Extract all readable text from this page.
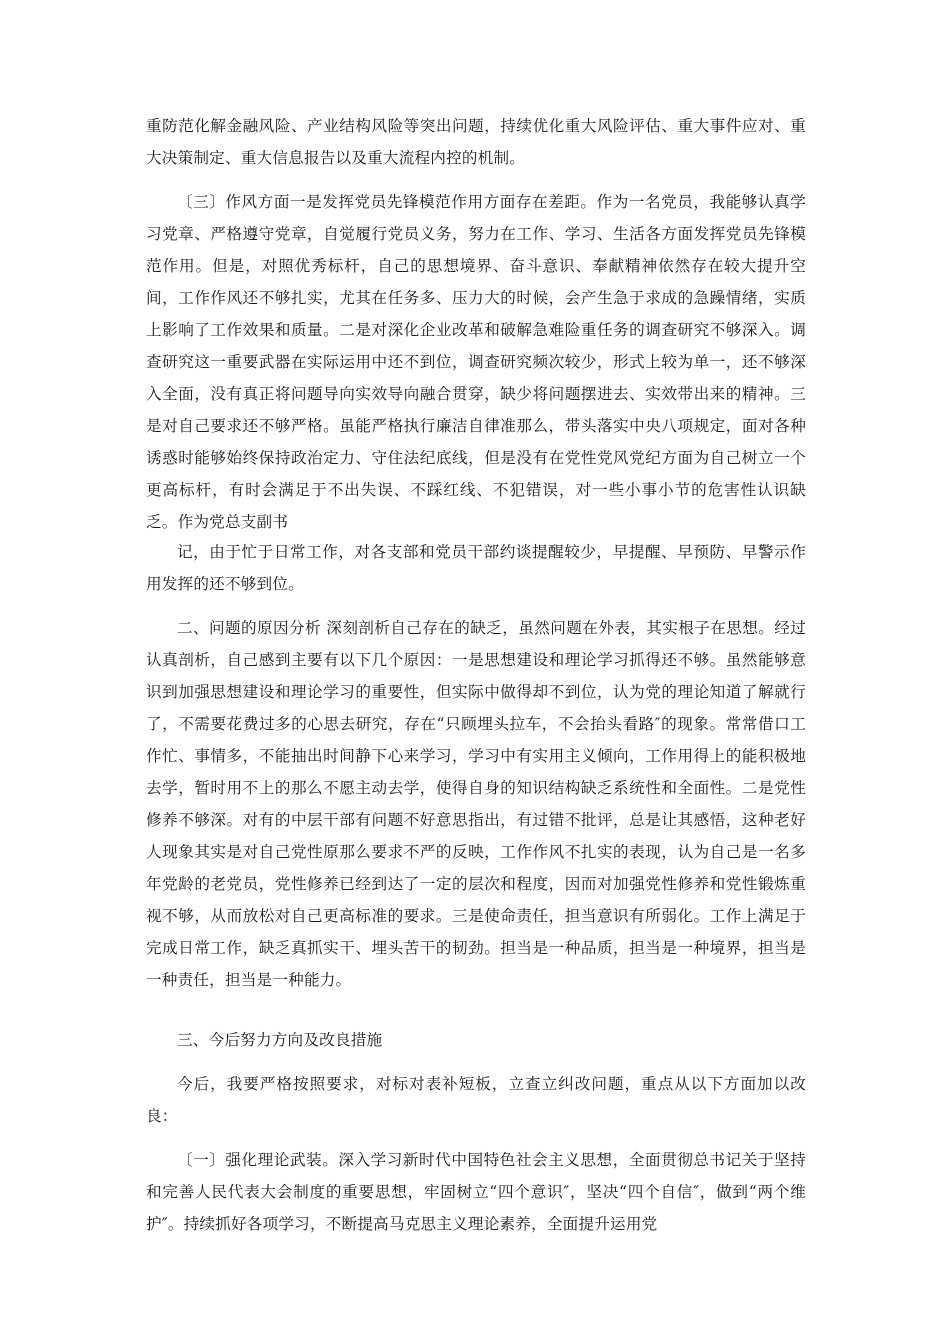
重防范化解金融风险、产业结构风险等突出问题，持续优化重大风险评估、重大事件应对、重大决策制定、重大信息报告以及重大流程内控的机制。

〔三〕作风方面一是发挥党员先锋模范作用方面存在差距。作为一名党员，我能够认真学习党章、严格遵守党章，自觉履行党员义务，努力在工作、学习、生活各方面发挥党员先锋模范作用。但是，对照优秀标杆，自己的思想境界、奋斗意识、奉献精神依然存在较大提升空间，工作作风还不够扎实，尤其在任务多、压力大的时候，会产生急于求成的急躁情绪，实质上影响了工作效果和质量。二是对深化企业改革和破解急难险重任务的调查研究不够深入。调查研究这一重要武器在实际运用中还不到位，调查研究频次较少，形式上较为单一，还不够深入全面，没有真正将问题导向实效导向融合贯穿，缺少将问题摆进去、实效带出来的精神。三是对自己要求还不够严格。虽能严格执行廉洁自律准那么，带头落实中央八项规定，面对各种诱惑时能够始终保持政治定力、守住法纪底线，但是没有在党性党风党纪方面为自己树立一个更高标杆，有时会满足于不出失误、不踩红线、不犯错误，对一些小事小节的危害性认识缺乏。作为党总支副书

记，由于忙于日常工作，对各支部和党员干部约谈提醒较少，早提醒、早预防、早警示作用发挥的还不够到位。

二、问题的原因分析 深刻剖析自己存在的缺乏，虽然问题在外表，其实根子在思想。经过认真剖析，自己感到主要有以下几个原因：一是思想建设和理论学习抓得还不够。虽然能够意识到加强思想建设和理论学习的重要性，但实际中做得却不到位，认为党的理论知道了解就行了，不需要花费过多的心思去研究，存在“只顾埋头拉车，不会抬头看路″的现象。常常借口工作忙、事情多，不能抽出时间静下心来学习，学习中有实用主义倾向，工作用得上的能积极地去学，暂时用不上的那么不愿主动去学，使得自身的知识结构缺乏系统性和全面性。二是党性修养不够深。对有的中层干部有问题不好意思指出，有过错不批评，总是让其感悟，这种老好人现象其实是对自己党性原那么要求不严的反映，工作作风不扎实的表现，认为自己是一名多年党龄的老党员，党性修养已经到达了一定的层次和程度，因而对加强党性修养和党性锻炼重视不够，从而放松对自己更高标准的要求。三是使命责任，担当意识有所弱化。工作上满足于完成日常工作，缺乏真抓实干、埋头苦干的韧劲。担当是一种品质，担当是一种境界，担当是一种责任，担当是一种能力。

三、今后努力方向及改良措施

今后，我要严格按照要求，对标对表补短板，立查立纠改问题，重点从以下方面加以改良：

〔一〕强化理论武装。深入学习新时代中国特色社会主义思想，全面贯彻总书记关于坚持和完善人民代表大会制度的重要思想，牢固树立“四个意识″，坚决“四个自信″，做到“两个维护″。持续抓好各项学习，不断提高马克思主义理论素养，全面提升运用党
